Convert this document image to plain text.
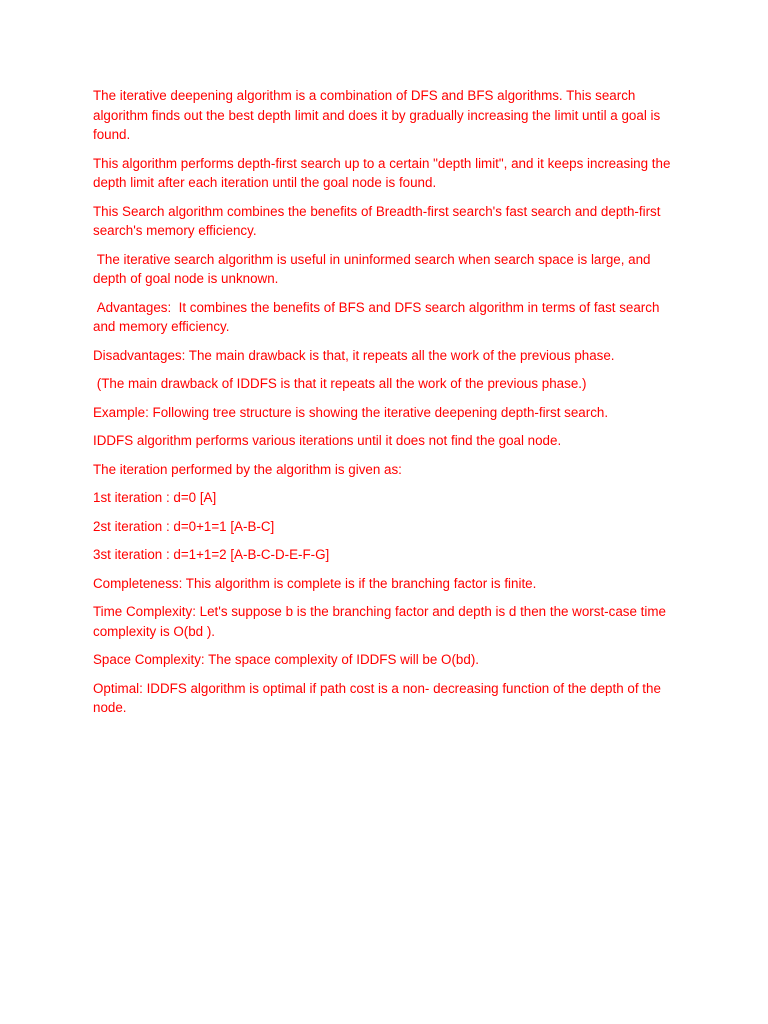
The iterative deepening algorithm is a combination of DFS and BFS algorithms. This search algorithm finds out the best depth limit and does it by gradually increasing the limit until a goal is found.

This algorithm performs depth-first search up to a certain "depth limit", and it keeps increasing the depth limit after each iteration until the goal node is found.

This Search algorithm combines the benefits of Breadth-first search's fast search and depth-first search's memory efficiency.

The iterative search algorithm is useful in uninformed search when search space is large, and depth of goal node is unknown.

Advantages:  It combines the benefits of BFS and DFS search algorithm in terms of fast search and memory efficiency.

Disadvantages: The main drawback is that, it repeats all the work of the previous phase.

(The main drawback of IDDFS is that it repeats all the work of the previous phase.)

Example: Following tree structure is showing the iterative deepening depth-first search.

IDDFS algorithm performs various iterations until it does not find the goal node.

The iteration performed by the algorithm is given as:

1st iteration : d=0 [A]

2st iteration : d=0+1=1 [A-B-C]

3st iteration : d=1+1=2 [A-B-C-D-E-F-G]

Completeness: This algorithm is complete is if the branching factor is finite.

Time Complexity: Let's suppose b is the branching factor and depth is d then the worst-case time complexity is O(bd ).

Space Complexity: The space complexity of IDDFS will be O(bd).

Optimal: IDDFS algorithm is optimal if path cost is a non- decreasing function of the depth of the node.
